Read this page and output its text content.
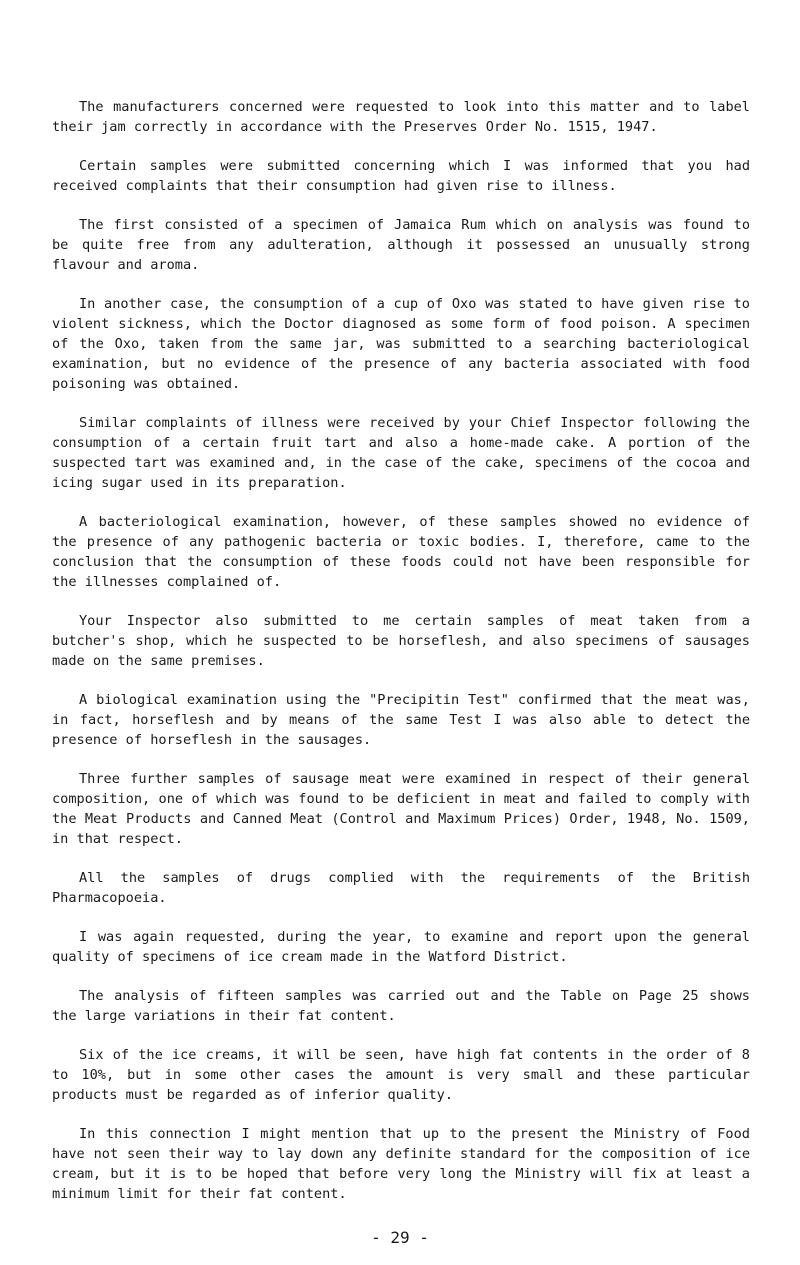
The manufacturers concerned were requested to look into this matter and to label their jam correctly in accordance with the Preserves Order No. 1515, 1947.

Certain samples were submitted concerning which I was informed that you had received complaints that their consumption had given rise to illness.

The first consisted of a specimen of Jamaica Rum which on analysis was found to be quite free from any adulteration, although it possessed an unusually strong flavour and aroma.

In another case, the consumption of a cup of Oxo was stated to have given rise to violent sickness, which the Doctor diagnosed as some form of food poison. A specimen of the Oxo, taken from the same jar, was submitted to a searching bacteriological examination, but no evidence of the presence of any bacteria associated with food poisoning was obtained.

Similar complaints of illness were received by your Chief Inspector following the consumption of a certain fruit tart and also a home-made cake. A portion of the suspected tart was examined and, in the case of the cake, specimens of the cocoa and icing sugar used in its preparation.

A bacteriological examination, however, of these samples showed no evidence of the presence of any pathogenic bacteria or toxic bodies. I, therefore, came to the conclusion that the consumption of these foods could not have been responsible for the illnesses complained of.

Your Inspector also submitted to me certain samples of meat taken from a butcher's shop, which he suspected to be horseflesh, and also specimens of sausages made on the same premises.

A biological examination using the "Precipitin Test" confirmed that the meat was, in fact, horseflesh and by means of the same Test I was also able to detect the presence of horseflesh in the sausages.

Three further samples of sausage meat were examined in respect of their general composition, one of which was found to be deficient in meat and failed to comply with the Meat Products and Canned Meat (Control and Maximum Prices) Order, 1948, No. 1509, in that respect.

All the samples of drugs complied with the requirements of the British Pharmacopoeia.

I was again requested, during the year, to examine and report upon the general quality of specimens of ice cream made in the Watford District.

The analysis of fifteen samples was carried out and the Table on Page 25 shows the large variations in their fat content.

Six of the ice creams, it will be seen, have high fat contents in the order of 8 to 10%, but in some other cases the amount is very small and these particular products must be regarded as of inferior quality.

In this connection I might mention that up to the present the Ministry of Food have not seen their way to lay down any definite standard for the composition of ice cream, but it is to be hoped that before very long the Ministry will fix at least a minimum limit for their fat content.

- 29 -
